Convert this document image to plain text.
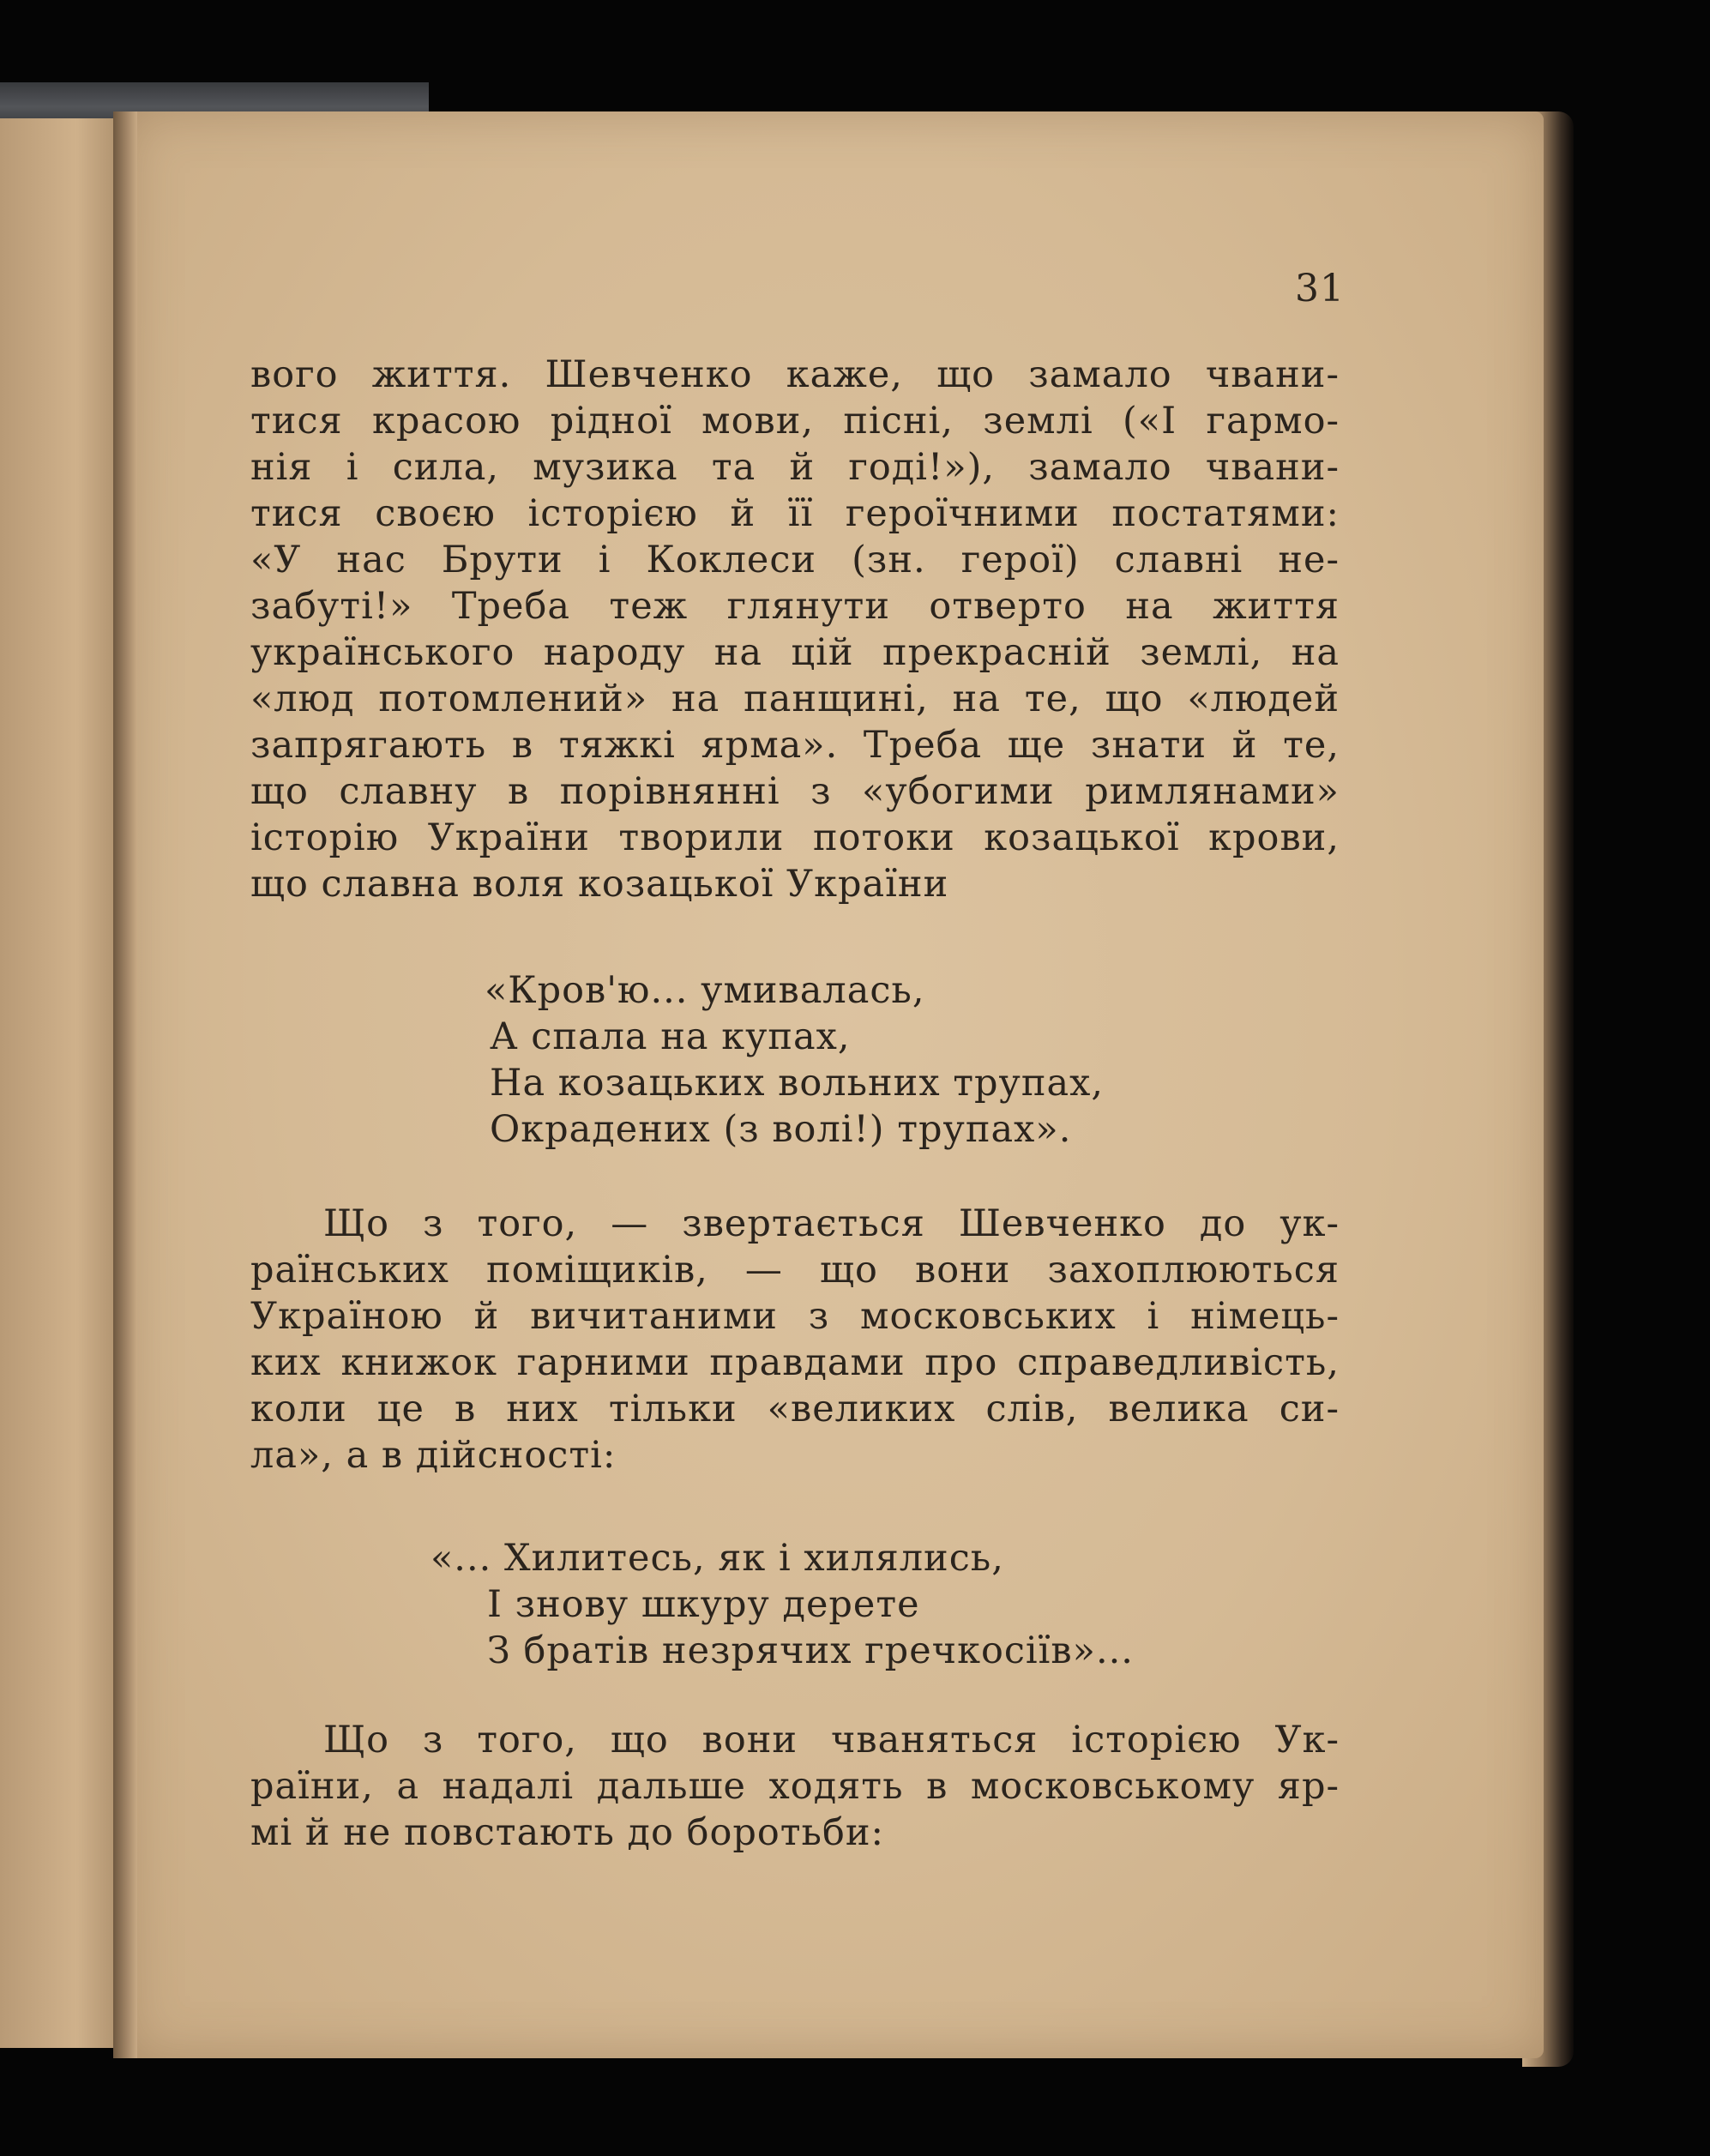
31
вого життя. Шевченко каже, що замало чвани-
тися красою рідної мови, пісні, землі («І гармо-
нія і сила, музика та й годі!»), замало чвани-
тися своєю історією й її героїчними постатями:
«У нас Брути і Коклеси (зн. герої) славні не-
забуті!» Треба теж глянути отверто на життя
українського народу на цій прекрасній землі, на
«люд потомлений» на панщині, на те, що «людей
запрягають в тяжкі ярма». Треба ще знати й те,
що славну в порівнянні з «убогими римлянами»
історію України творили потоки козацької крови,
що славна воля козацької України
«Кров'ю... умивалась,
А спала на купах,
На козацьких вольних трупах,
Окрадених (з волі!) трупах».
Що з того, — звертається Шевченко до ук-
раїнських поміщиків, — що вони захоплюються
Україною й вичитаними з московських і німець-
ких книжок гарними правдами про справедливість,
коли це в них тільки «великих слів, велика си-
ла», а в дійсності:
«... Хилитесь, як і хилялись,
І знову шкуру дерете
З братів незрячих гречкосіїв»...
Що з того, що вони чваняться історією Ук-
раїни, а надалі дальше ходять в московському яр-
мі й не повстають до боротьби:
